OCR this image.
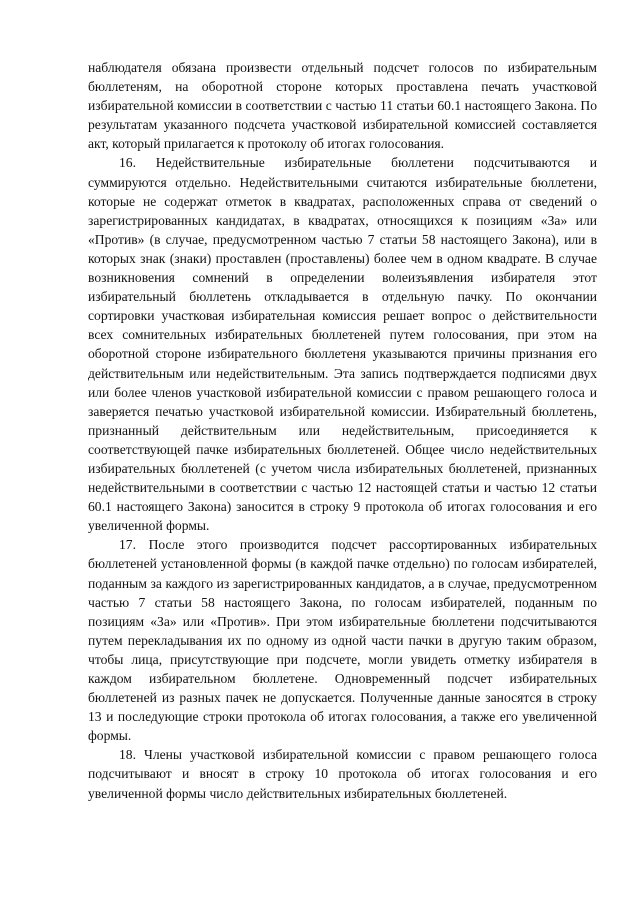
наблюдателя обязана произвести отдельный подсчет голосов по избирательным бюллетеням, на оборотной стороне которых проставлена печать участковой избирательной комиссии в соответствии с частью 11 статьи 60.1 настоящего Закона. По результатам указанного подсчета участковой избирательной комиссией составляется акт, который прилагается к протоколу об итогах голосования.

16. Недействительные избирательные бюллетени подсчитываются и суммируются отдельно. Недействительными считаются избирательные бюллетени, которые не содержат отметок в квадратах, расположенных справа от сведений о зарегистрированных кандидатах, в квадратах, относящихся к позициям «За» или «Против» (в случае, предусмотренном частью 7 статьи 58 настоящего Закона), или в которых знак (знаки) проставлен (проставлены) более чем в одном квадрате. В случае возникновения сомнений в определении волеизъявления избирателя этот избирательный бюллетень откладывается в отдельную пачку. По окончании сортировки участковая избирательная комиссия решает вопрос о действительности всех сомнительных избирательных бюллетеней путем голосования, при этом на оборотной стороне избирательного бюллетеня указываются причины признания его действительным или недействительным. Эта запись подтверждается подписями двух или более членов участковой избирательной комиссии с правом решающего голоса и заверяется печатью участковой избирательной комиссии. Избирательный бюллетень, признанный действительным или недействительным, присоединяется к соответствующей пачке избирательных бюллетеней. Общее число недействительных избирательных бюллетеней (с учетом числа избирательных бюллетеней, признанных недействительными в соответствии с частью 12 настоящей статьи и частью 12 статьи 60.1 настоящего Закона) заносится в строку 9 протокола об итогах голосования и его увеличенной формы.

17. После этого производится подсчет рассортированных избирательных бюллетеней установленной формы (в каждой пачке отдельно) по голосам избирателей, поданным за каждого из зарегистрированных кандидатов, а в случае, предусмотренном частью 7 статьи 58 настоящего Закона, по голосам избирателей, поданным по позициям «За» или «Против». При этом избирательные бюллетени подсчитываются путем перекладывания их по одному из одной части пачки в другую таким образом, чтобы лица, присутствующие при подсчете, могли увидеть отметку избирателя в каждом избирательном бюллетене. Одновременный подсчет избирательных бюллетеней из разных пачек не допускается. Полученные данные заносятся в строку 13 и последующие строки протокола об итогах голосования, а также его увеличенной формы.

18. Члены участковой избирательной комиссии с правом решающего голоса подсчитывают и вносят в строку 10 протокола об итогах голосования и его увеличенной формы число действительных избирательных бюллетеней.
